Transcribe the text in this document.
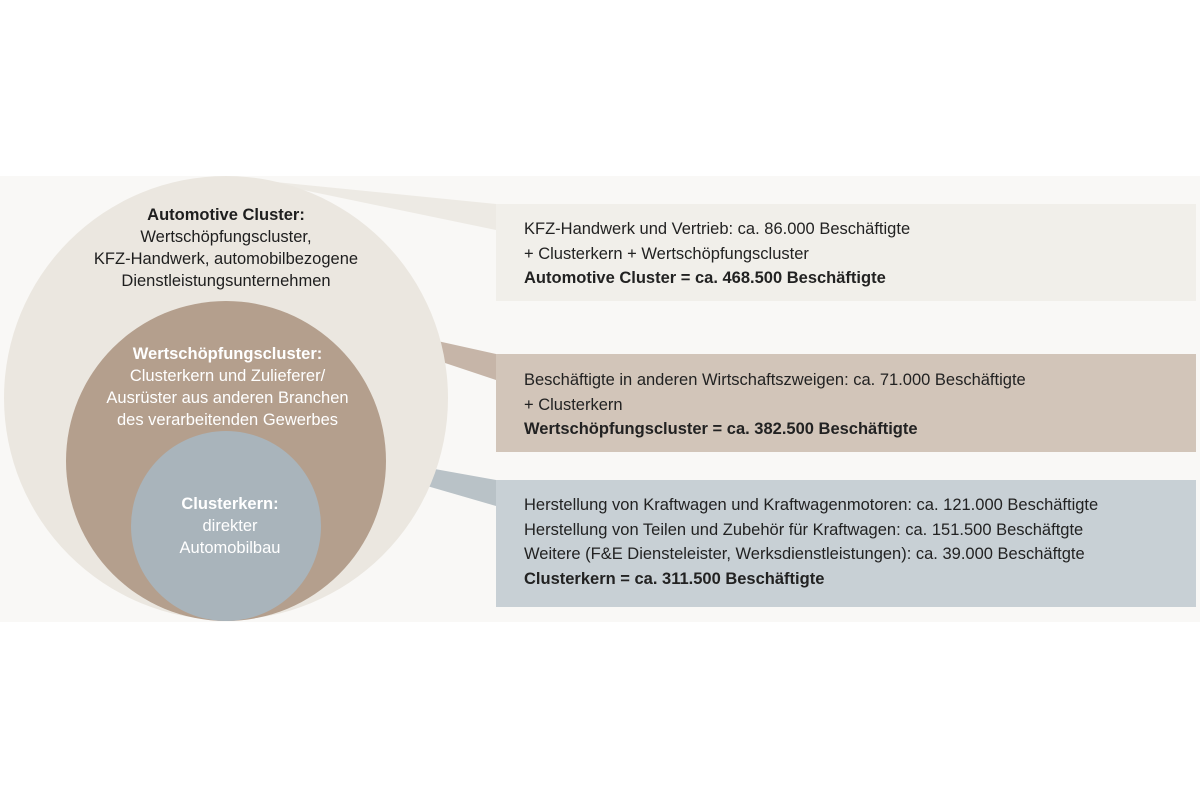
Automotive Cluster:
Wertschöpfungscluster,
KFZ-Handwerk, automobilbezogene
Dienstleistungsunternehmen
Wertschöpfungscluster:
Clusterkern und Zulieferer/
Ausrüster aus anderen Branchen
des verarbeitenden Gewerbes
Clusterkern:
direkter
Automobilbau
KFZ-Handwerk und Vertrieb: ca. 86.000 Beschäftigte
+ Clusterkern + Wertschöpfungscluster
Automotive Cluster = ca. 468.500 Beschäftigte
Beschäftigte in anderen Wirtschaftszweigen: ca. 71.000 Beschäftigte
+ Clusterkern
Wertschöpfungscluster = ca. 382.500 Beschäftigte
Herstellung von Kraftwagen und Kraftwagenmotoren: ca. 121.000 Beschäftigte
Herstellung von Teilen und Zubehör für Kraftwagen: ca. 151.500 Beschäftgte
Weitere (F&E Diensteleister, Werksdienstleistungen): ca. 39.000 Beschäftgte
Clusterkern = ca. 311.500 Beschäftigte
